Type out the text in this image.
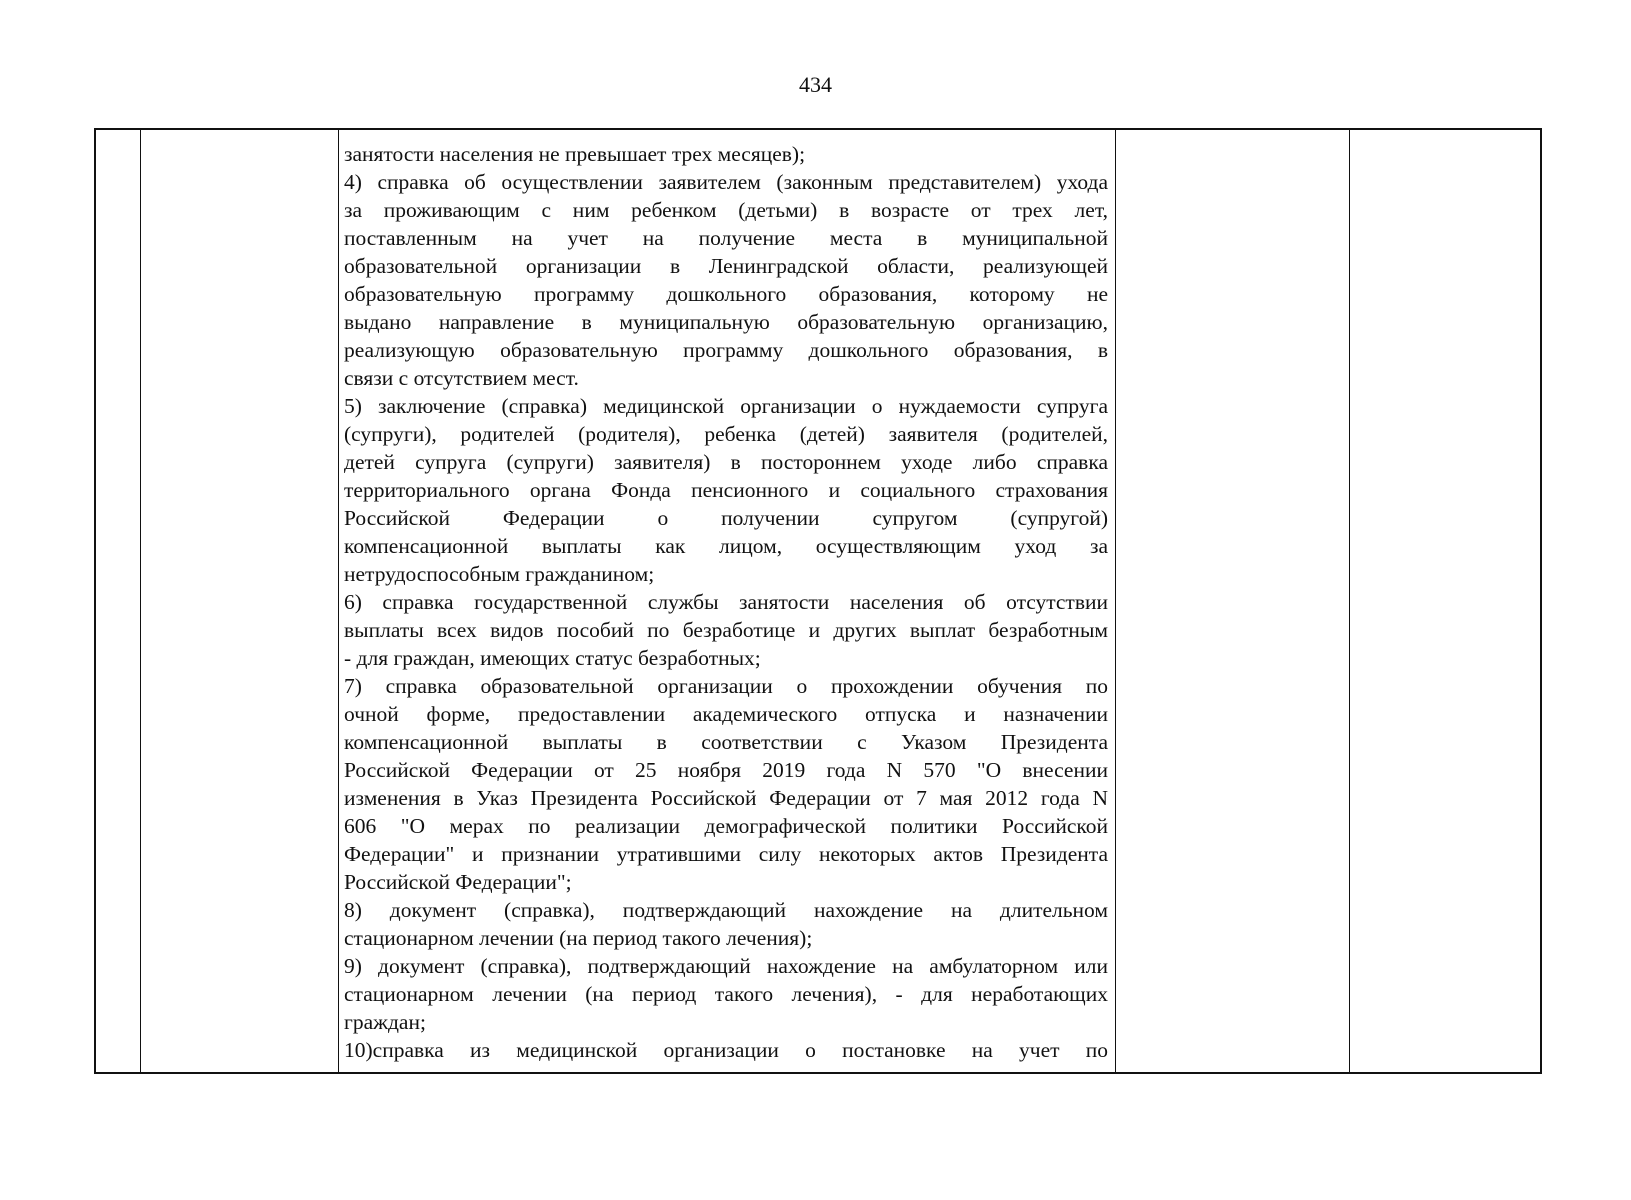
434
занятости населения не превышает трех месяцев);
4) справка об осуществлении заявителем (законным представителем) ухода
за проживающим с ним ребенком (детьми) в возрасте от трех лет,
поставленным на учет на получение места в муниципальной
образовательной организации в Ленинградской области, реализующей
образовательную программу дошкольного образования, которому не
выдано направление в муниципальную образовательную организацию,
реализующую образовательную программу дошкольного образования, в
связи с отсутствием мест.
5) заключение (справка) медицинской организации о нуждаемости супруга
(супруги), родителей (родителя), ребенка (детей) заявителя (родителей,
детей супруга (супруги) заявителя) в постороннем уходе либо справка
территориального органа Фонда пенсионного и социального страхования
Российской Федерации о получении супругом (супругой)
компенсационной выплаты как лицом, осуществляющим уход за
нетрудоспособным гражданином;
6) справка государственной службы занятости населения об отсутствии
выплаты всех видов пособий по безработице и других выплат безработным
- для граждан, имеющих статус безработных;
7) справка образовательной организации о прохождении обучения по
очной форме, предоставлении академического отпуска и назначении
компенсационной выплаты в соответствии с Указом Президента
Российской Федерации от 25 ноября 2019 года N 570 "О внесении
изменения в Указ Президента Российской Федерации от 7 мая 2012 года N
606 "О мерах по реализации демографической политики Российской
Федерации" и признании утратившими силу некоторых актов Президента
Российской Федерации";
8) документ (справка), подтверждающий нахождение на длительном
стационарном лечении (на период такого лечения);
9) документ (справка), подтверждающий нахождение на амбулаторном или
стационарном лечении (на период такого лечения), - для неработающих
граждан;
10)справка из медицинской организации о постановке на учет по
